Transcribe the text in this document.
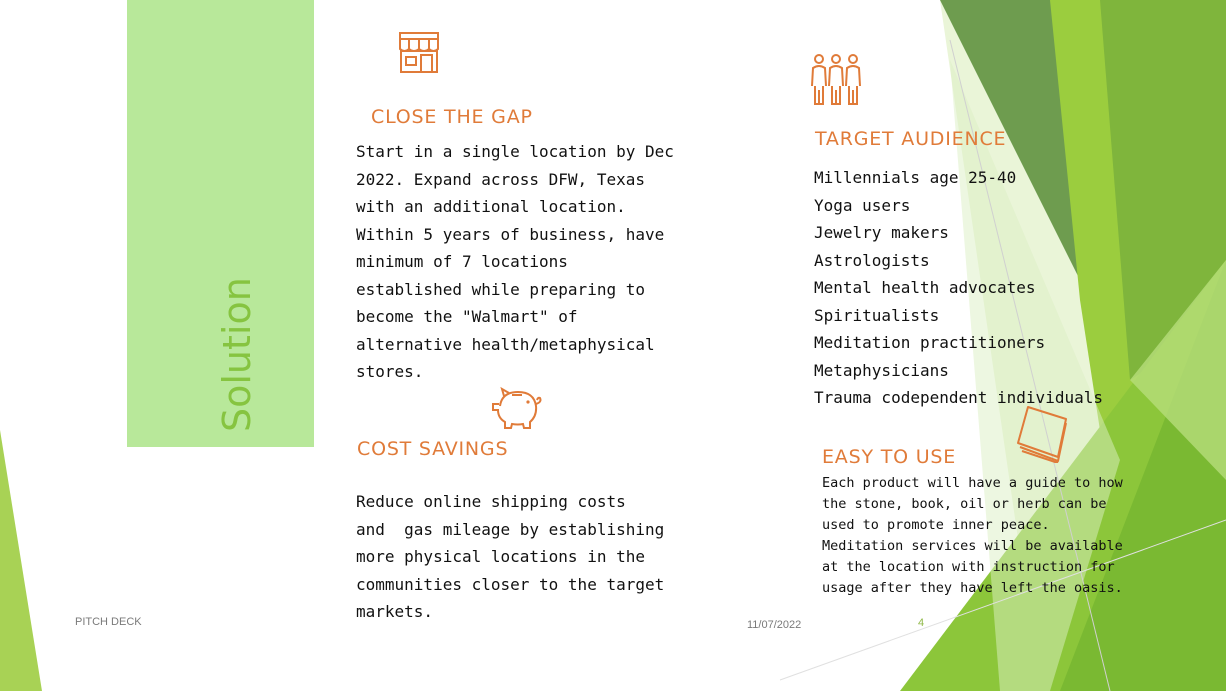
Solution
CLOSE THE GAP
Start in a single location by Dec
2022. Expand across DFW, Texas
with an additional location.
Within 5 years of business, have
minimum of 7 locations
established while preparing to
become the "Walmart" of
alternative health/metaphysical
stores.
COST SAVINGS
Reduce online shipping costs
and  gas mileage by establishing
more physical locations in the
communities closer to the target
markets.
TARGET AUDIENCE
Millennials age 25-40
Yoga users
Jewelry makers
Astrologists
Mental health advocates
Spiritualists
Meditation practitioners
Metaphysicians
Trauma codependent individuals
EASY TO USE
Each product will have a guide to how
the stone, book, oil or herb can be
used to promote inner peace.
Meditation services will be available
at the location with instruction for
usage after they have left the oasis.
PITCH DECK	11/07/2022	4
